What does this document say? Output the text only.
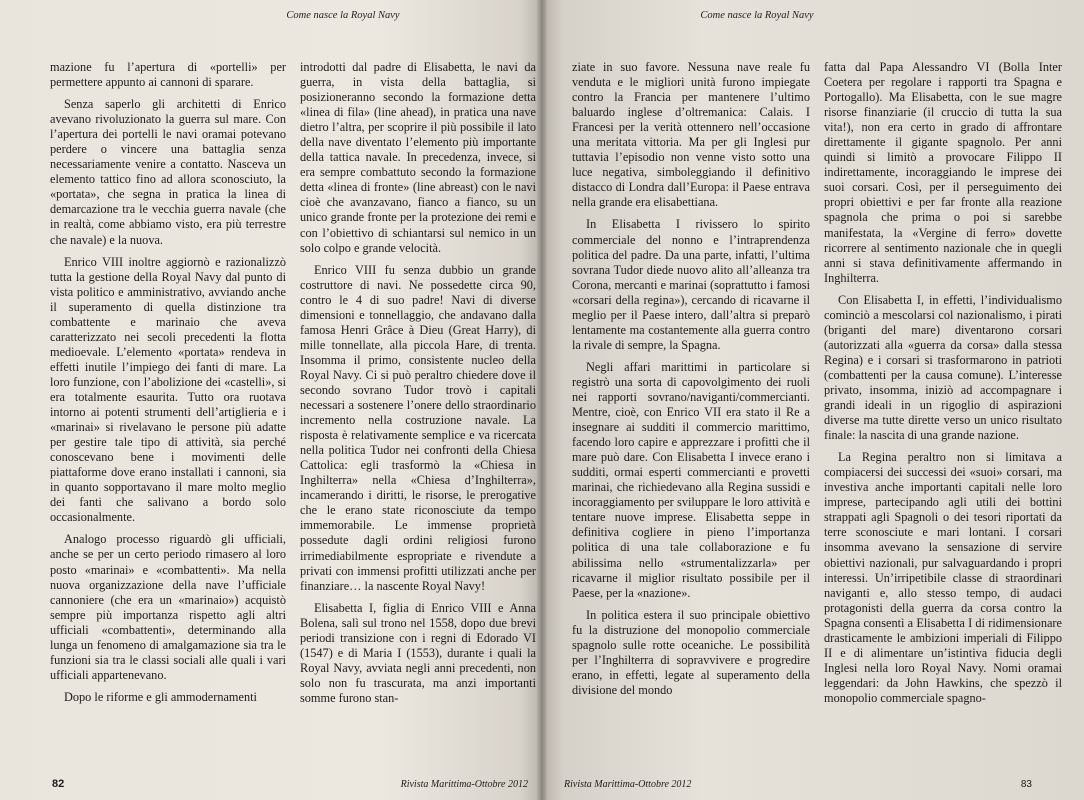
Come nasce la Royal Navy

mazione fu l’apertura di «portelli» per permettere appunto ai cannoni di sparare.

Senza saperlo gli architetti di Enrico avevano rivoluzionato la guerra sul mare. Con l’apertura dei portelli le navi oramai potevano perdere o vincere una battaglia senza necessariamente venire a contatto. Nasceva un elemento tattico fino ad allora sconosciuto, la «portata», che segna in pratica la linea di demarcazione tra le vecchia guerra navale (che in realtà, come abbiamo visto, era più terrestre che navale) e la nuova.

Enrico VIII inoltre aggiornò e razionalizzò tutta la gestione della Royal Navy dal punto di vista politico e amministrativo, avviando anche il superamento di quella distinzione tra combattente e marinaio che aveva caratterizzato nei secoli precedenti la flotta medioevale. L’elemento «portata» rendeva in effetti inutile l’impiego dei fanti di mare. La loro funzione, con l’abolizione dei «castelli», si era totalmente esaurita. Tutto ora ruotava intorno ai potenti strumenti dell’artiglieria e i «marinai» si rivelavano le persone più adatte per gestire tale tipo di attività, sia perché conoscevano bene i movimenti delle piattaforme dove erano installati i cannoni, sia in quanto sopportavano il mare molto meglio dei fanti che salivano a bordo solo occasionalmente.

Analogo processo riguardò gli ufficiali, anche se per un certo periodo rimasero al loro posto «marinai» e «combattenti». Ma nella nuova organizzazione della nave l’ufficiale cannoniere (che era un «marinaio») acquistò sempre più importanza rispetto agli altri ufficiali «combattenti», determinando alla lunga un fenomeno di amalgamazione sia tra le funzioni sia tra le classi sociali alle quali i vari ufficiali appartenevano.

Dopo le riforme e gli ammodernamenti

introdotti dal padre di Elisabetta, le navi da guerra, in vista della battaglia, si posizioneranno secondo la formazione detta «linea di fila» (line ahead), in pratica una nave dietro l’altra, per scoprire il più possibile il lato della nave diventato l’elemento più importante della tattica navale. In precedenza, invece, si era sempre combattuto secondo la formazione detta «linea di fronte» (line abreast) con le navi cioè che avanzavano, fianco a fianco, su un unico grande fronte per la protezione dei remi e con l’obiettivo di schiantarsi sul nemico in un solo colpo e grande velocità.

Enrico VIII fu senza dubbio un grande costruttore di navi. Ne possedette circa 90, contro le 4 di suo padre! Navi di diverse dimensioni e tonnellaggio, che andavano dalla famosa Henri Grâce à Dieu (Great Harry), di mille tonnellate, alla piccola Hare, di trenta. Insomma il primo, consistente nucleo della Royal Navy. Ci si può peraltro chiedere dove il secondo sovrano Tudor trovò i capitali necessari a sostenere l’onere dello straordinario incremento nella costruzione navale. La risposta è relativamente semplice e va ricercata nella politica Tudor nei confronti della Chiesa Cattolica: egli trasformò la «Chiesa in Inghilterra» nella «Chiesa d’Inghilterra», incamerando i diritti, le risorse, le prerogative che le erano state riconosciute da tempo immemorabile. Le immense proprietà possedute dagli ordini religiosi furono irrimediabilmente espropriate e rivendute a privati con immensi profitti utilizzati anche per finanziare… la nascente Royal Navy!

Elisabetta I, figlia di Enrico VIII e Anna Bolena, salì sul trono nel 1558, dopo due brevi periodi transizione con i regni di Edorado VI (1547) e di Maria I (1553), durante i quali la Royal Navy, avviata negli anni precedenti, non solo non fu trascurata, ma anzi importanti somme furono stan-

82	Rivista Marittima-Ottobre 2012
Come nasce la Royal Navy

ziate in suo favore. Nessuna nave reale fu venduta e le migliori unità furono impiegate contro la Francia per mantenere l’ultimo baluardo inglese d’oltremanica: Calais. I Francesi per la verità ottennero nell’occasione una meritata vittoria. Ma per gli Inglesi pur tuttavia l’episodio non venne visto sotto una luce negativa, simboleggiando il definitivo distacco di Londra dall’Europa: il Paese entrava nella grande era elisabettiana.

In Elisabetta I rivissero lo spirito commerciale del nonno e l’intraprendenza politica del padre. Da una parte, infatti, l’ultima sovrana Tudor diede nuovo alito all’alleanza tra Corona, mercanti e marinai (soprattutto i famosi «corsari della regina»), cercando di ricavarne il meglio per il Paese intero, dall’altra si preparò lentamente ma costantemente alla guerra contro la rivale di sempre, la Spagna.

Negli affari marittimi in particolare si registrò una sorta di capovolgimento dei ruoli nei rapporti sovrano/naviganti/commercianti. Mentre, cioè, con Enrico VII era stato il Re a insegnare ai sudditi il commercio marittimo, facendo loro capire e apprezzare i profitti che il mare può dare. Con Elisabetta I invece erano i sudditi, ormai esperti commercianti e provetti marinai, che richiedevano alla Regina sussidi e incoraggiamento per sviluppare le loro attività e tentare nuove imprese. Elisabetta seppe in definitiva cogliere in pieno l’importanza politica di una tale collaborazione e fu abilissima nello «strumentalizzarla» per ricavarne il miglior risultato possibile per il Paese, per la «nazione».

In politica estera il suo principale obiettivo fu la distruzione del monopolio commerciale spagnolo sulle rotte oceaniche. Le possibilità per l’Inghilterra di sopravvivere e progredire erano, in effetti, legate al superamento della divisione del mondo

fatta dal Papa Alessandro VI (Bolla Inter Coetera per regolare i rapporti tra Spagna e Portogallo). Ma Elisabetta, con le sue magre risorse finanziarie (il cruccio di tutta la sua vita!), non era certo in grado di affrontare direttamente il gigante spagnolo. Per anni quindi si limitò a provocare Filippo II indirettamente, incoraggiando le imprese dei suoi corsari. Così, per il perseguimento dei propri obiettivi e per far fronte alla reazione spagnola che prima o poi si sarebbe manifestata, la «Vergine di ferro» dovette ricorrere al sentimento nazionale che in quegli anni si stava definitivamente affermando in Inghilterra.

Con Elisabetta I, in effetti, l’individualismo cominciò a mescolarsi col nazionalismo, i pirati (briganti del mare) diventarono corsari (autorizzati alla «guerra da corsa» dalla stessa Regina) e i corsari si trasformarono in patrioti (combattenti per la causa comune). L’interesse privato, insomma, iniziò ad accompagnare i grandi ideali in un rigoglio di aspirazioni diverse ma tutte dirette verso un unico risultato finale: la nascita di una grande nazione.

La Regina peraltro non si limitava a compiacersi dei successi dei «suoi» corsari, ma investiva anche importanti capitali nelle loro imprese, partecipando agli utili dei bottini strappati agli Spagnoli o dei tesori riportati da terre sconosciute e mari lontani. I corsari insomma avevano la sensazione di servire obiettivi nazionali, pur salvaguardando i propri interessi. Un’irripetibile classe di straordinari naviganti e, allo stesso tempo, di audaci protagonisti della guerra da corsa contro la Spagna consentì a Elisabetta I di ridimensionare drasticamente le ambizioni imperiali di Filippo II e di alimentare un’istintiva fiducia degli Inglesi nella loro Royal Navy. Nomi oramai leggendari: da John Hawkins, che spezzò il monopolio commerciale spagno-

Rivista Marittima-Ottobre 2012	83
